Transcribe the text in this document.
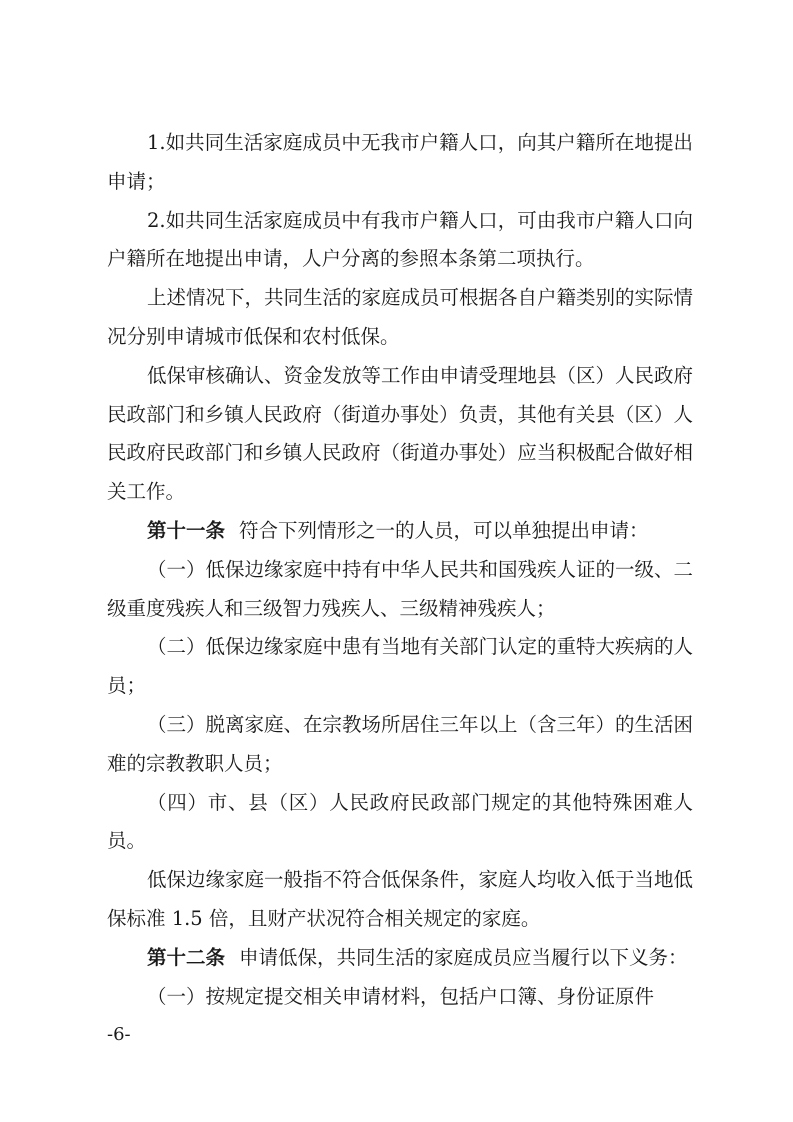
1.如共同生活家庭成员中无我市户籍人口，向其户籍所在地提出申请；

2.如共同生活家庭成员中有我市户籍人口，可由我市户籍人口向户籍所在地提出申请，人户分离的参照本条第二项执行。

上述情况下，共同生活的家庭成员可根据各自户籍类别的实际情况分别申请城市低保和农村低保。

低保审核确认、资金发放等工作由申请受理地县（区）人民政府民政部门和乡镇人民政府（街道办事处）负责，其他有关县（区）人民政府民政部门和乡镇人民政府（街道办事处）应当积极配合做好相关工作。

第十一条 符合下列情形之一的人员，可以单独提出申请：

（一）低保边缘家庭中持有中华人民共和国残疾人证的一级、二级重度残疾人和三级智力残疾人、三级精神残疾人；

（二）低保边缘家庭中患有当地有关部门认定的重特大疾病的人员；

（三）脱离家庭、在宗教场所居住三年以上（含三年）的生活困难的宗教教职人员；

（四）市、县（区）人民政府民政部门规定的其他特殊困难人员。

低保边缘家庭一般指不符合低保条件，家庭人均收入低于当地低保标准 1.5 倍，且财产状况符合相关规定的家庭。

第十二条 申请低保，共同生活的家庭成员应当履行以下义务：

（一）按规定提交相关申请材料，包括户口簿、身份证原件

-6-
